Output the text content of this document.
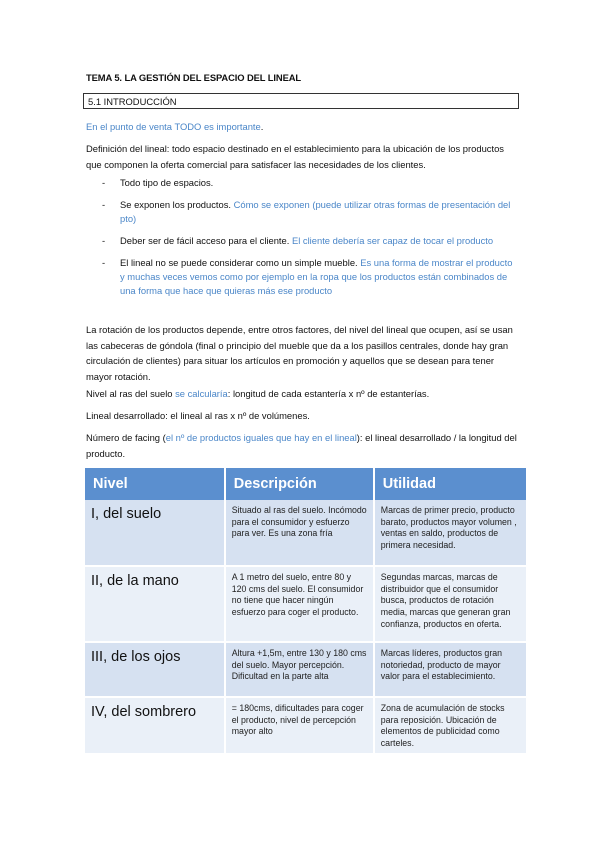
TEMA 5. LA GESTIÓN DEL ESPACIO DEL LINEAL
5.1 INTRODUCCIÓN
En el punto de venta TODO es importante.
Definición del lineal: todo espacio destinado en el establecimiento para la ubicación de los productos que componen la oferta comercial para satisfacer las necesidades de los clientes.
- Todo tipo de espacios.
- Se exponen los productos. Cómo se exponen (puede utilizar otras formas de presentación del pto)
- Deber ser de fácil acceso para el cliente. El cliente debería ser capaz de tocar el producto
- El lineal no se puede considerar como un simple mueble. Es una forma de mostrar el producto y muchas veces vemos como por ejemplo en la ropa que los productos están combinados de una forma que hace que quieras más ese producto
La rotación de los productos depende, entre otros factores, del nivel del lineal que ocupen, así se usan las cabeceras de góndola (final o principio del mueble que da a los pasillos centrales, donde hay gran circulación de clientes) para situar los artículos en promoción y aquellos que se desean para tener mayor rotación.
Nivel al ras del suelo se calcularía: longitud de cada estantería x nº de estanterías.
Lineal desarrollado: el lineal al ras x nº de volúmenes.
Número de facing (el nº de productos iguales que hay en el lineal): el lineal desarrollado / la longitud del producto.
Nivel	Descripción	Utilidad
I, del suelo	Situado al ras del suelo. Incómodo para el consumidor y esfuerzo para ver. Es una zona fría	Marcas de primer precio, producto barato, productos mayor volumen , ventas en saldo, productos de primera necesidad.
II, de la mano	A 1 metro del suelo, entre 80 y 120 cms del suelo. El consumidor no tiene que hacer ningún esfuerzo para coger el producto.	Segundas marcas, marcas de distribuidor que el consumidor busca, productos de rotación media, marcas que generan gran confianza, productos en oferta.
III, de los ojos	Altura +1,5m, entre 130 y 180 cms del suelo. Mayor percepción. Dificultad en la parte alta	Marcas líderes, productos gran notoriedad, producto de mayor valor para el establecimiento.
IV, del sombrero	= 180cms, dificultades para coger el producto, nivel de percepción mayor alto	Zona de acumulación de stocks para reposición. Ubicación de elementos de publicidad como carteles.
